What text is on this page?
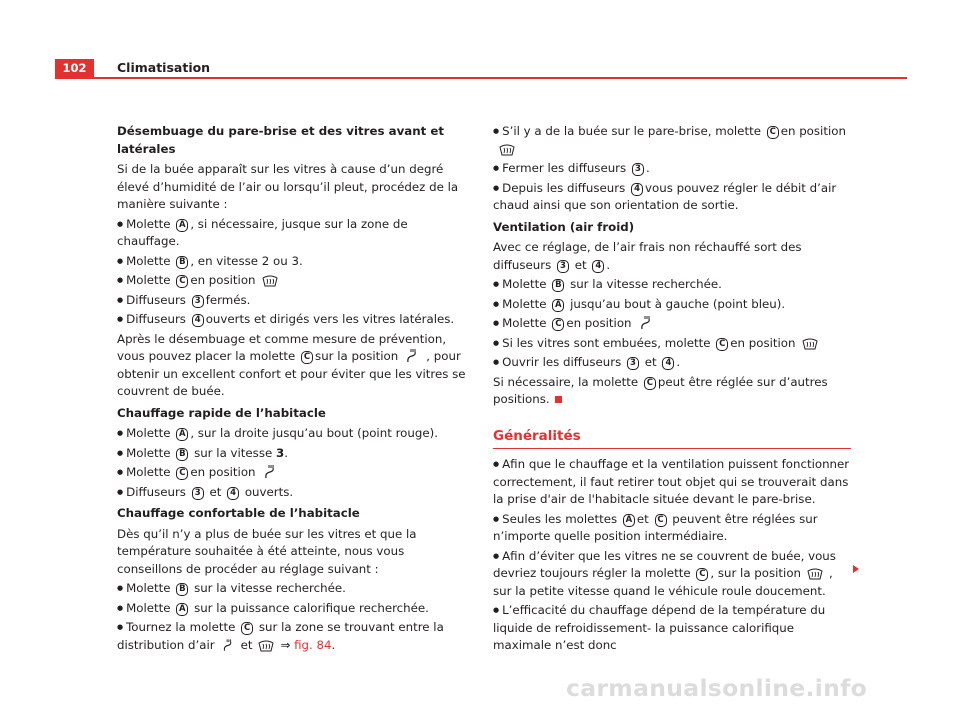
102	Climatisation
Désembuage du pare-brise et des vitres avant et latérales
Si de la buée apparaît sur les vitres à cause d’un degré élevé d’humidité de l’air ou lorsqu’il pleut, procédez de la manière suivante :
● Molette A , si nécessaire, jusque sur la zone de chauffage.
● Molette B , en vitesse 2 ou 3.
● Molette C en position
● Diffuseurs 3 fermés.
● Diffuseurs 4 ouverts et dirigés vers les vitres latérales.
Après le désembuage et comme mesure de prévention, vous pouvez placer la molette C sur la position , pour obtenir un excellent confort et pour éviter que les vitres se couvrent de buée.
Chauffage rapide de l’habitacle
● Molette A , sur la droite jusqu’au bout (point rouge).
● Molette B sur la vitesse 3.
● Molette C en position
● Diffuseurs 3 et 4 ouverts.
Chauffage confortable de l’habitacle
Dès qu’il n’y a plus de buée sur les vitres et que la température souhaitée à été atteinte, nous vous conseillons de procéder au réglage suivant :
● Molette B sur la vitesse recherchée.
● Molette A sur la puissance calorifique recherchée.
● Tournez la molette C sur la zone se trouvant entre la distribution d’air et ⇒ fig. 84.
● S’il y a de la buée sur le pare-brise, molette C en position
● Fermer les diffuseurs 3 .
● Depuis les diffuseurs 4 vous pouvez régler le débit d’air chaud ainsi que son orientation de sortie.
Ventilation (air froid)
Avec ce réglage, de l’air frais non réchauffé sort des diffuseurs 3 et 4 .
● Molette B sur la vitesse recherchée.
● Molette A jusqu’au bout à gauche (point bleu).
● Molette C en position
● Si les vitres sont embuées, molette C en position
● Ouvrir les diffuseurs 3 et 4 .
Si nécessaire, la molette C peut être réglée sur d’autres positions.
Généralités
● Afin que le chauffage et la ventilation puissent fonctionner correctement, il faut retirer tout objet qui se trouverait dans la prise d'air de l'habitacle située devant le pare-brise.
● Seules les molettes A et C peuvent être réglées sur n’importe quelle position intermédiaire.
● Afin d’éviter que les vitres ne se couvrent de buée, vous devriez toujours régler la molette C , sur la position , sur la petite vitesse quand le véhicule roule doucement.
● L’efficacité du chauffage dépend de la température du liquide de refroidissement- la puissance calorifique maximale n’est donc
carmanualsonline.info
